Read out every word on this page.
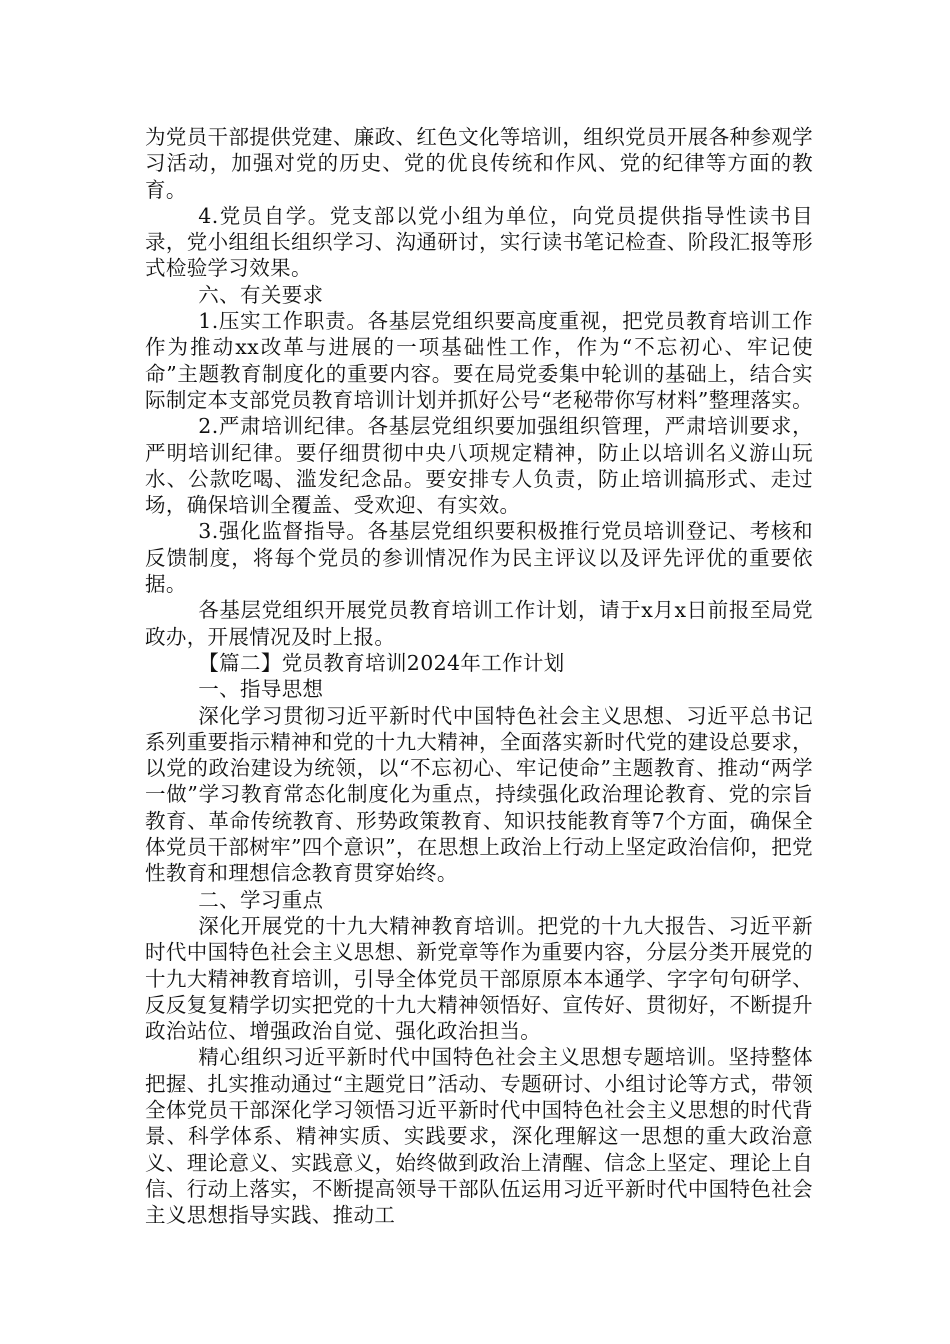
为党员干部提供党建、廉政、红色文化等培训，组织党员开展各种参观学习活动，加强对党的历史、党的优良传统和作风、党的纪律等方面的教育。

4.党员自学。党支部以党小组为单位，向党员提供指导性读书目录，党小组组长组织学习、沟通研讨，实行读书笔记检查、阶段汇报等形式检验学习效果。

六、有关要求

1.压实工作职责。各基层党组织要高度重视，把党员教育培训工作作为推动xx改革与进展的一项基础性工作，作为“不忘初心、牢记使命”主题教育制度化的重要内容。要在局党委集中轮训的基础上，结合实际制定本支部党员教育培训计划并抓好公号“老秘带你写材料”整理落实。

2.严肃培训纪律。各基层党组织要加强组织管理，严肃培训要求，严明培训纪律。要仔细贯彻中央八项规定精神，防止以培训名义游山玩水、公款吃喝、滥发纪念品。要安排专人负责，防止培训搞形式、走过场，确保培训全覆盖、受欢迎、有实效。

3.强化监督指导。各基层党组织要积极推行党员培训登记、考核和反馈制度，将每个党员的参训情况作为民主评议以及评先评优的重要依据。

各基层党组织开展党员教育培训工作计划，请于x月x日前报至局党政办，开展情况及时上报。

【篇二】党员教育培训2024年工作计划

一、指导思想

深化学习贯彻习近平新时代中国特色社会主义思想、习近平总书记系列重要指示精神和党的十九大精神，全面落实新时代党的建设总要求，以党的政治建设为统领，以“不忘初心、牢记使命”主题教育、推动“两学一做”学习教育常态化制度化为重点，持续强化政治理论教育、党的宗旨教育、革命传统教育、形势政策教育、知识技能教育等7个方面，确保全体党员干部树牢”四个意识”，在思想上政治上行动上坚定政治信仰，把党性教育和理想信念教育贯穿始终。

二、学习重点

深化开展党的十九大精神教育培训。把党的十九大报告、习近平新时代中国特色社会主义思想、新党章等作为重要内容，分层分类开展党的十九大精神教育培训，引导全体党员干部原原本本通学、字字句句研学、反反复复精学切实把党的十九大精神领悟好、宣传好、贯彻好，不断提升政治站位、增强政治自觉、强化政治担当。

精心组织习近平新时代中国特色社会主义思想专题培训。坚持整体把握、扎实推动通过“主题党日”活动、专题研讨、小组讨论等方式，带领全体党员干部深化学习领悟习近平新时代中国特色社会主义思想的时代背景、科学体系、精神实质、实践要求，深化理解这一思想的重大政治意义、理论意义、实践意义，始终做到政治上清醒、信念上坚定、理论上自信、行动上落实，不断提高领导干部队伍运用习近平新时代中国特色社会主义思想指导实践、推动工
